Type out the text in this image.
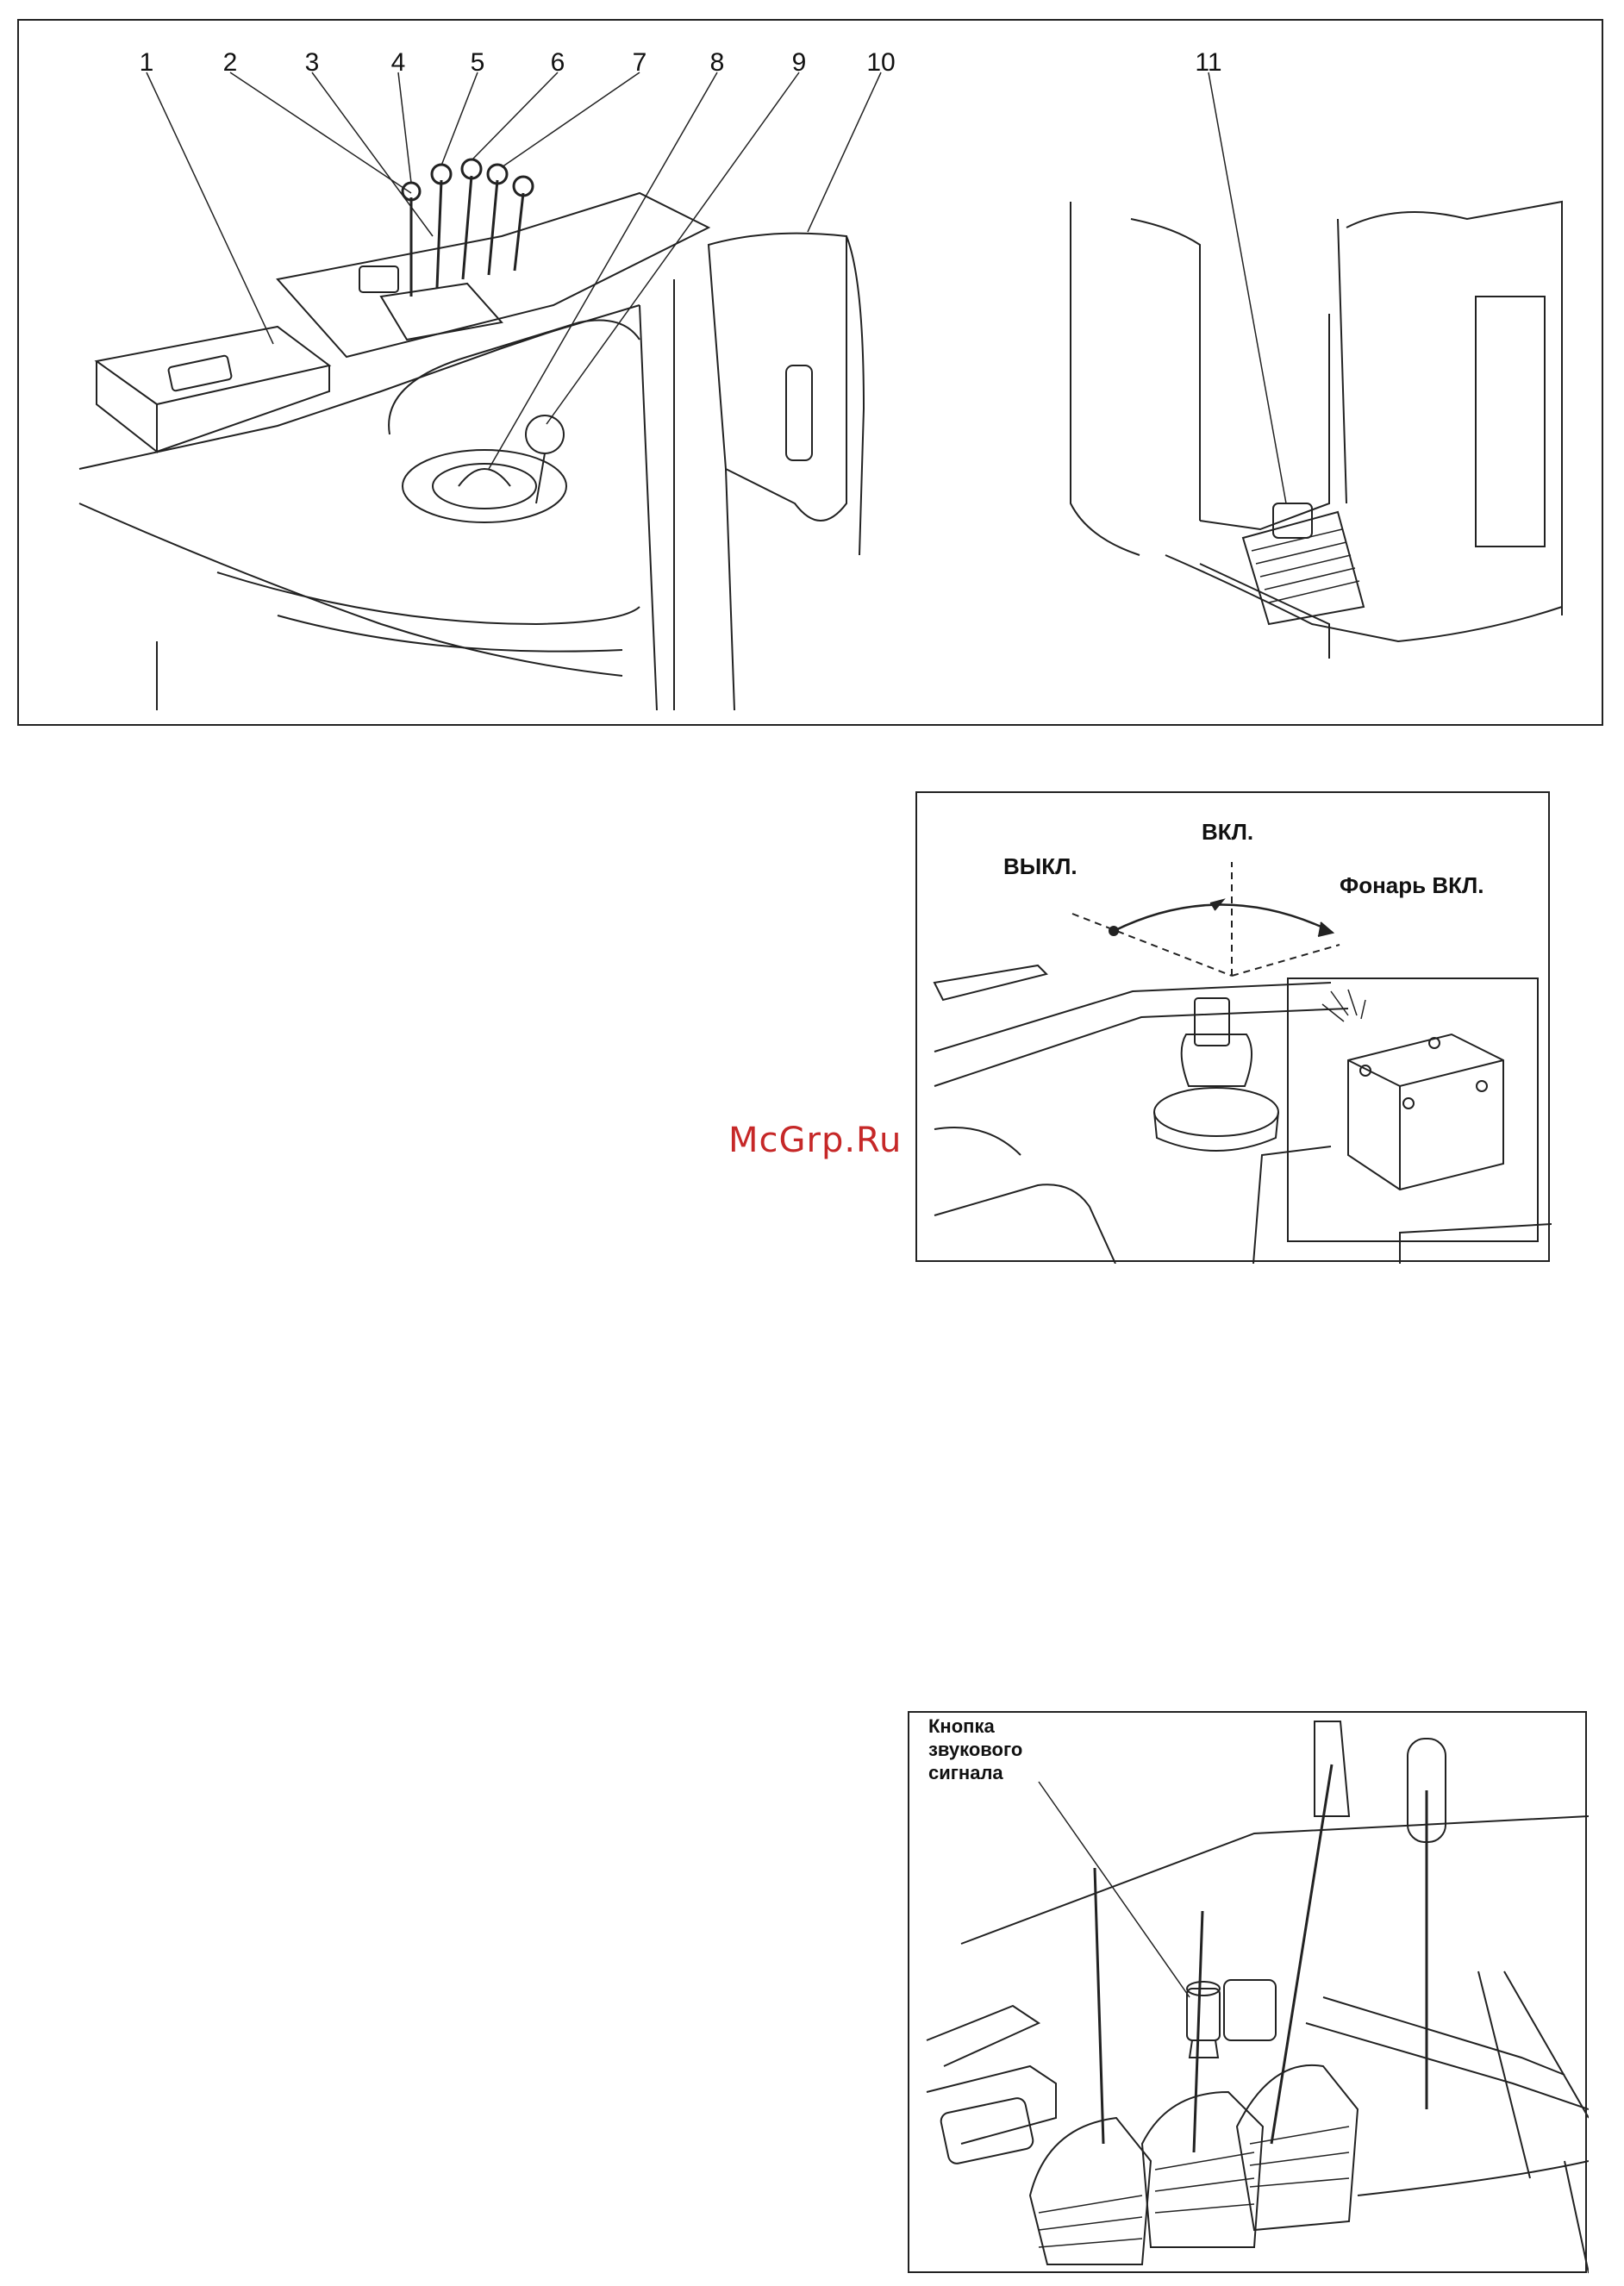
1	2	3	4	5	6	7	8	9	10	11
ВЫКЛ.
ВКЛ.
Фонарь ВКЛ.
McGrp.Ru
Кнопка
звукового
сигнала
